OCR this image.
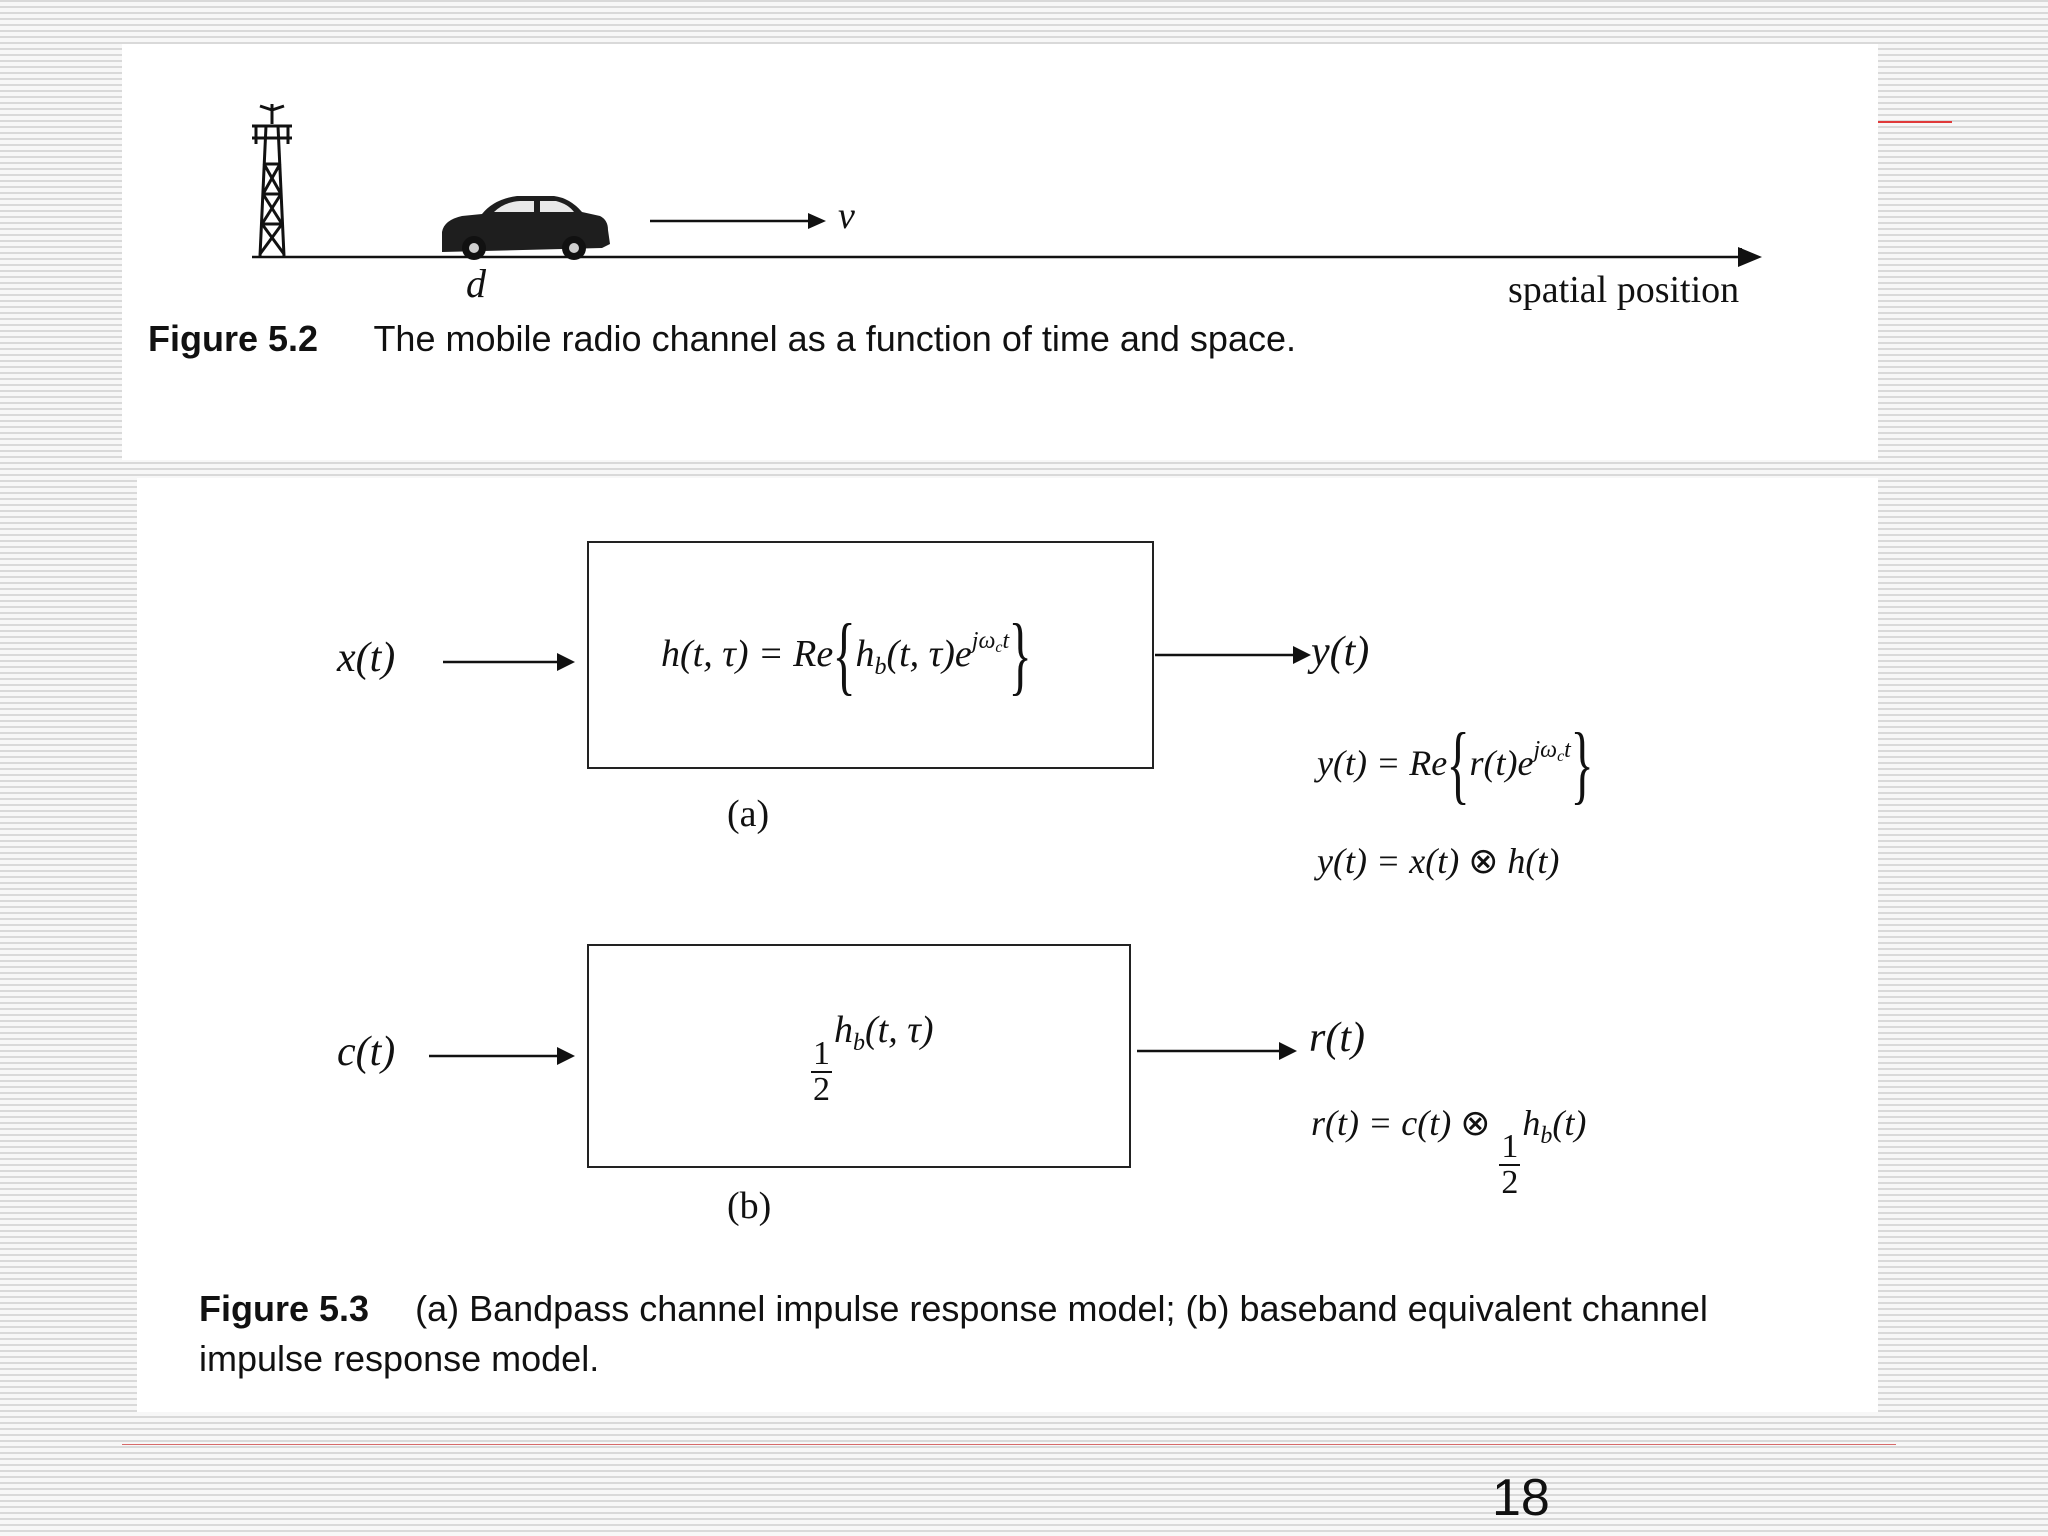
d
v
spatial position
Figure 5.2 The mobile radio channel as a function of time and space.
x(t)	h(t, $\tau) = Re\{h_b(t$, $\tau)e^{j\omega_ct}$}	y(t)
(a)
$y(t) = Re\{r(t)e^{j\omega_ct}\}$
y(t) = x(t) ⊗ h(t)
c(t)	$\frac{1}{2}$
$h_b(t$, τ)	r(t)
(b)
r(t) = c(t) ⊗
$\frac{1}{2}$
$h_b(t)$
Figure 5.3 (a) Bandpass channel impulse response model; (b) baseband equivalent channel
impulse response model.
18
